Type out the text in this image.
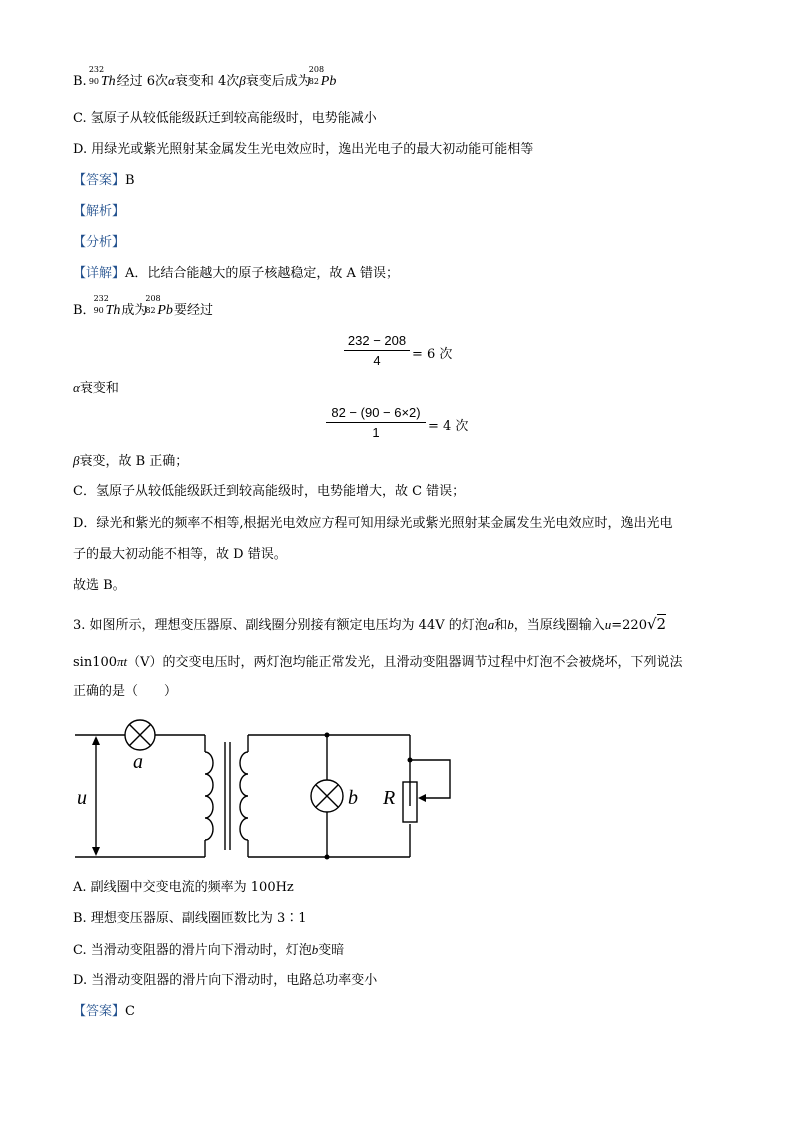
B.
232
90 Th经过 6次α衰变和 4次β衰变后成为
208
82 Pb
C. 氢原子从较低能级跃迁到较高能级时，电势能减小
D. 用绿光或紫光照射某金属发生光电效应时，逸出光电子的最大初动能可能相等
【答案】B
【解析】
【分析】
【详解】A．比结合能越大的原子核越稳定，故 A 错误；
B．
232
90 Th成为
208
82 Pb要经过
$\frac{232 - 208}{4} = 6$ 次
α衰变和
$\frac{82 - (90 - 6\times 2)}{1} = 4$ 次
β衰变，故 B 正确；
C．氢原子从较低能级跃迁到较高能级时，电势能增大，故 C 错误；
D．绿光和紫光的频率不相等,根据光电效应方程可知用绿光或紫光照射某金属发生光电效应时，逸出光电
子的最大初动能不相等，故 D 错误。
故选 B。
3. 如图所示，理想变压器原、副线圈分别接有额定电压均为 44V 的灯泡a和b，当原线圈输入u=220√2
sin100πt（V）的交变电压时，两灯泡均能正常发光，且滑动变阻器调节过程中灯泡不会被烧坏，下列说法
正确的是（　　）
a
u	b R
A. 副线圈中交变电流的频率为 100Hz
B. 理想变压器原、副线圈匝数比为 3∶1
C. 当滑动变阻器的滑片向下滑动时，灯泡b变暗
D. 当滑动变阻器的滑片向下滑动时，电路总功率变小
【答案】C
